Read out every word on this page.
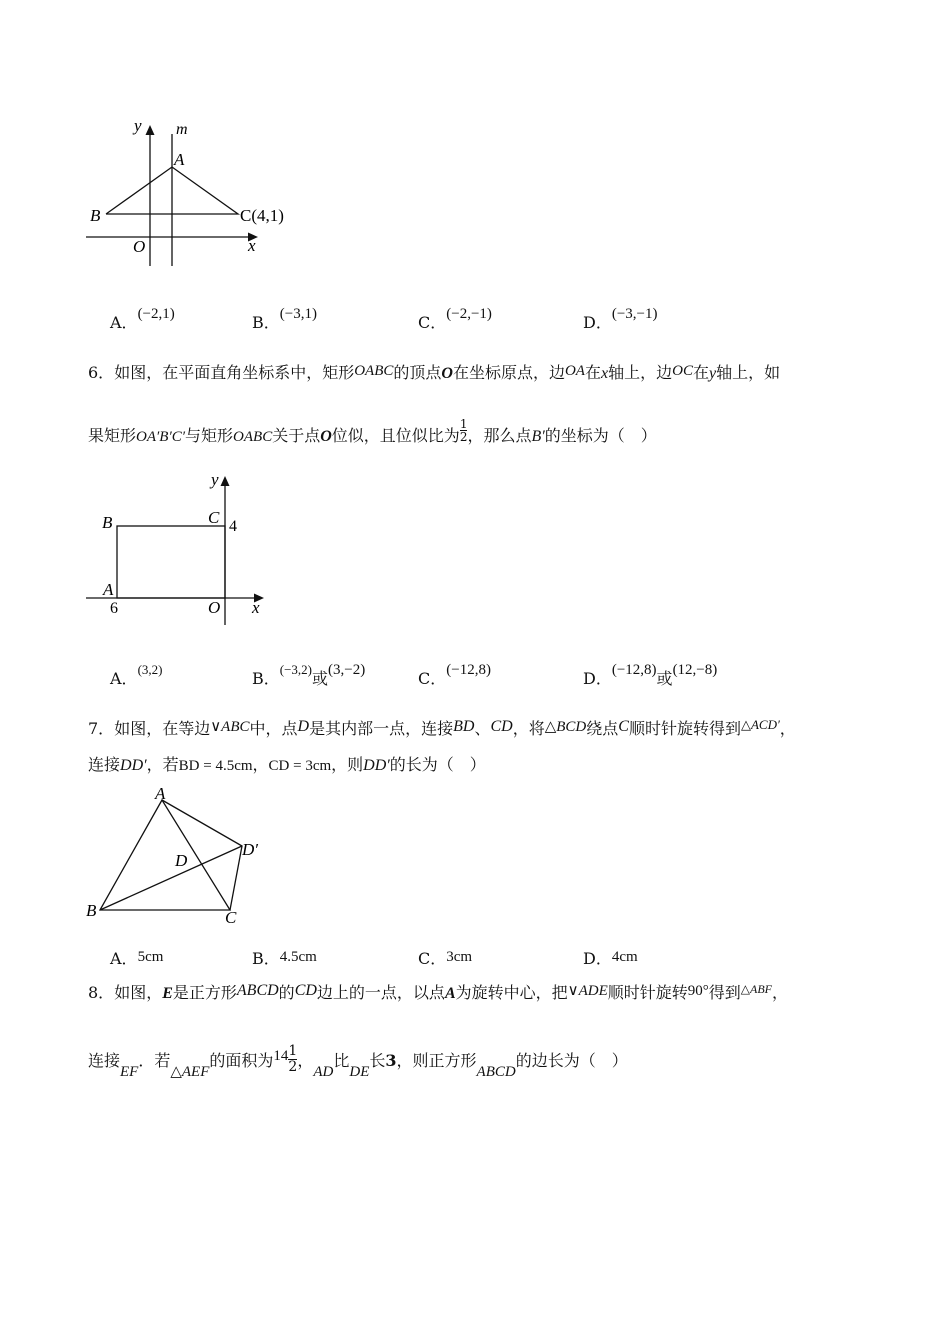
y m
A
B	C(4,1)
O	x
A．(−2,1)	B．(−3,1)	C．(−2,−1)	D．(−3,−1)
6．如图，在平面直角坐标系中，矩形OABC的顶点O在坐标原点，边OA在x轴上，边OC在y轴上，如
果矩形OA′B′C′与矩形OABC关于点O位似，且位似比为 $\frac{1}{2}$ ，那么点B′的坐标为（　）
y
B	C 4
A
6	O x
A．$^{(3,2)}$	B．$^{(-3,2)}$或(3,−2)	C．(−12,8)	D．(−12,8)或(12,−8)
7．如图，在等边∨ABC中，点D是其内部一点，连接BD、CD，将△BCD绕点C顺时针旋转得到$^{\triangle ACD'}$，
连接DD′，若BD = 4.5cm，CD = 3cm，则DD′的长为（　）
A
D
D′
B	C
A．5cm	B．4.5cm	C．3cm	D．4cm
8．如图，E是正方形ABCD的CD边上的一点，以点A为旋转中心，把∨ADE顺时针旋转90°得到$^{\triangle ABF}$，
连接EF．若△AEF的面积为$14 \frac{1}{2}$ ，AD比DE长3，则正方形ABCD的边长为（　）
